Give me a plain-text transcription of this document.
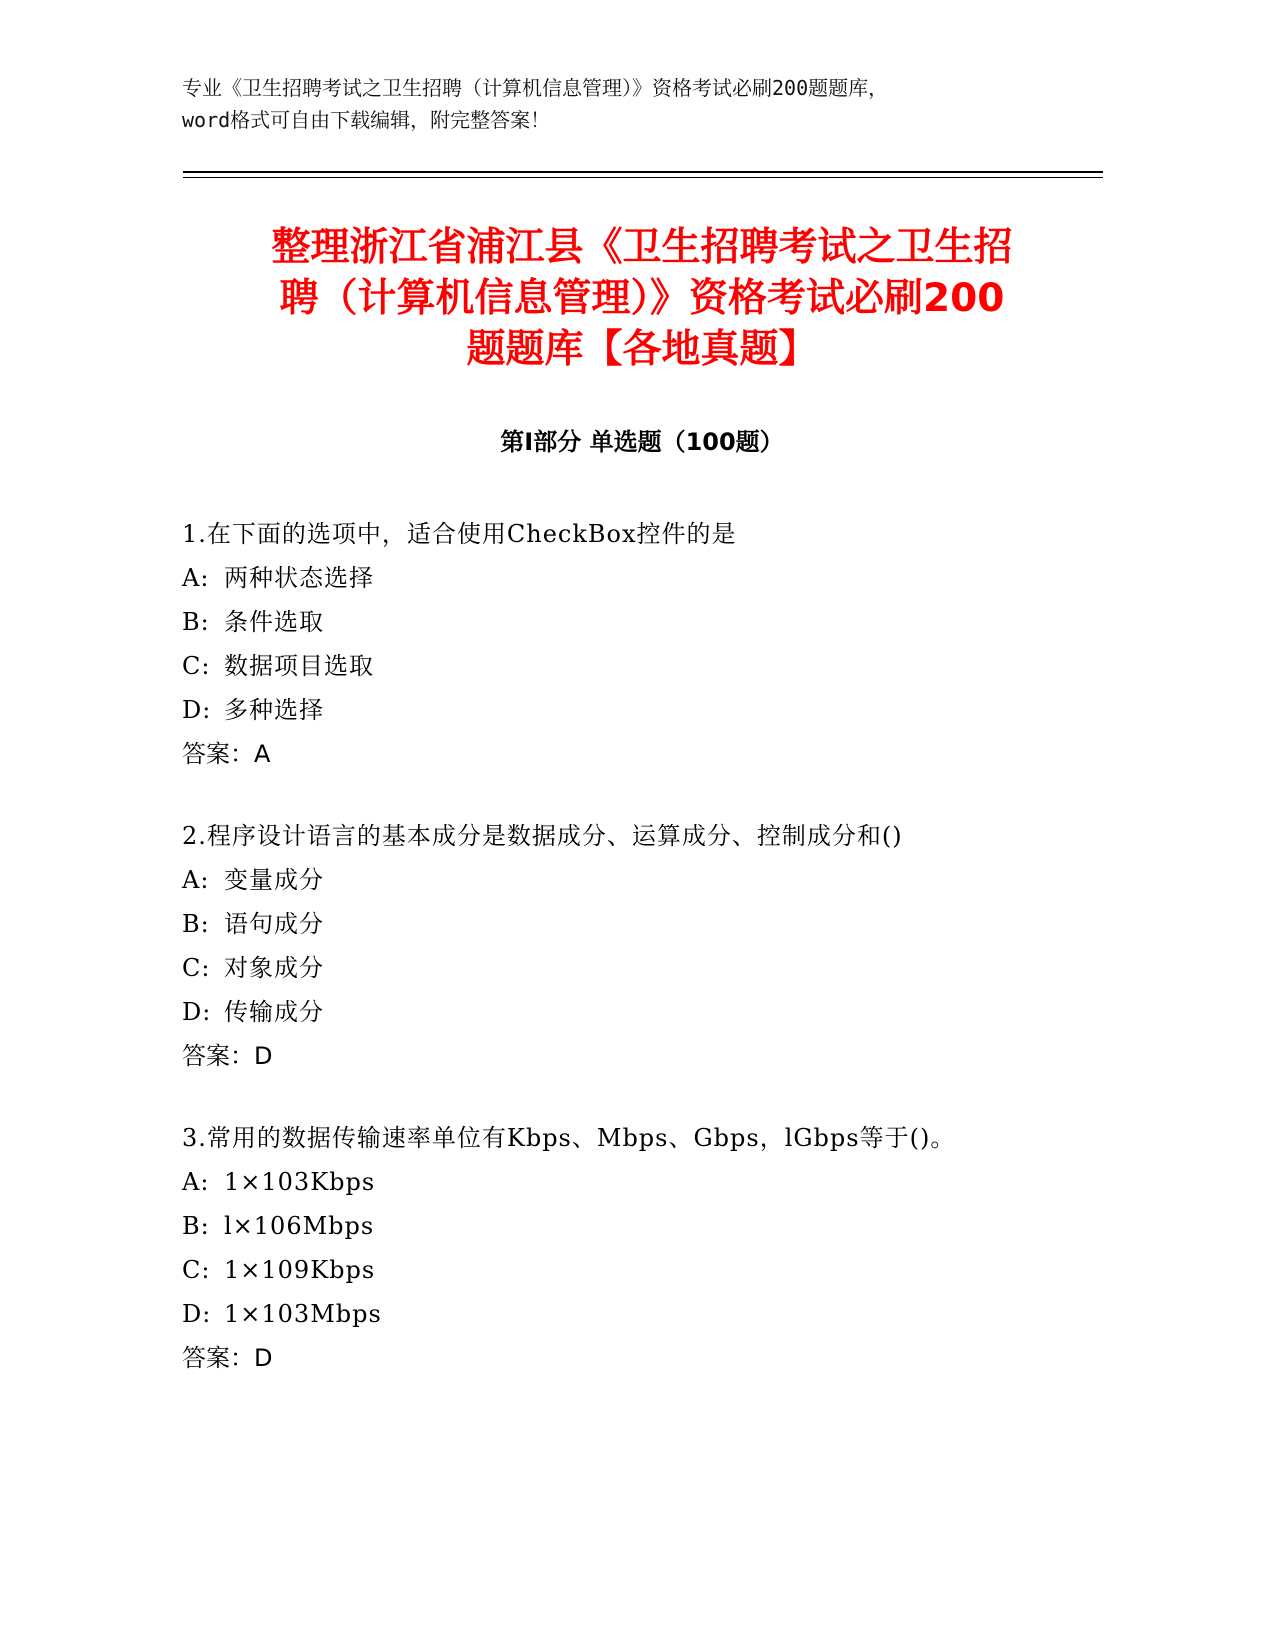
专业《卫生招聘考试之卫生招聘（计算机信息管理）》资格考试必刷200题题库，
word格式可自由下载编辑，附完整答案！
整理浙江省浦江县《卫生招聘考试之卫生招
聘（计算机信息管理）》资格考试必刷200
题题库【各地真题】
第Ⅰ部分 单选题（100题）
1.在下面的选项中，适合使用CheckBox控件的是
A: 两种状态选择
B: 条件选取
C: 数据项目选取
D: 多种选择
答案：A
2.程序设计语言的基本成分是数据成分、运算成分、控制成分和()
A: 变量成分
B: 语句成分
C: 对象成分
D: 传输成分
答案：D
3.常用的数据传输速率单位有Kbps、Mbps、Gbps，lGbps等于()。
A: 1×103Kbps
B: l×106Mbps
C: 1×109Kbps
D: 1×103Mbps
答案：D
